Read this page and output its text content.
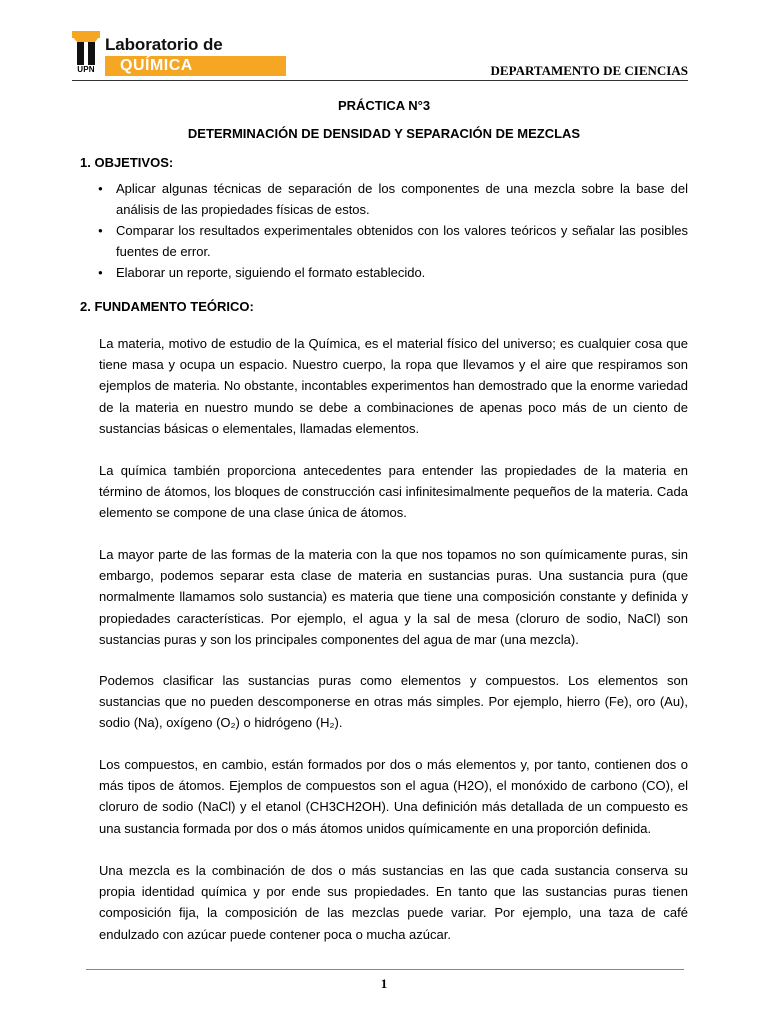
UPN
Laboratorio de
QUÍMICA	DEPARTAMENTO DE CIENCIAS
PRÁCTICA N°3
DETERMINACIÓN DE DENSIDAD Y SEPARACIÓN DE MEZCLAS
1. OBJETIVOS:
● Aplicar algunas técnicas de separación de los componentes de una mezcla sobre la base del análisis de las propiedades físicas de estos.
● Comparar los resultados experimentales obtenidos con los valores teóricos y señalar las posibles fuentes de error.
● Elaborar un reporte, siguiendo el formato establecido.
2. FUNDAMENTO TEÓRICO:

La materia, motivo de estudio de la Química, es el material físico del universo; es cualquier cosa que tiene masa y ocupa un espacio. Nuestro cuerpo, la ropa que llevamos y el aire que respiramos son ejemplos de materia. No obstante, incontables experimentos han demostrado que la enorme variedad de la materia en nuestro mundo se debe a combinaciones de apenas poco más de un ciento de sustancias básicas o elementales, llamadas elementos.

La química también proporciona antecedentes para entender las propiedades de la materia en término de átomos, los bloques de construcción casi infinitesimalmente pequeños de la materia. Cada elemento se compone de una clase única de átomos.

La mayor parte de las formas de la materia con la que nos topamos no son químicamente puras, sin embargo, podemos separar esta clase de materia en sustancias puras. Una sustancia pura (que normalmente llamamos solo sustancia) es materia que tiene una composición constante y definida y propiedades características. Por ejemplo, el agua y la sal de mesa (cloruro de sodio, NaCl) son sustancias puras y son los principales componentes del agua de mar (una mezcla).

Podemos clasificar las sustancias puras como elementos y compuestos. Los elementos son sustancias que no pueden descomponerse en otras más simples. Por ejemplo, hierro (Fe), oro (Au), sodio (Na), oxígeno (O₂) o hidrógeno (H₂).

Los compuestos, en cambio, están formados por dos o más elementos y, por tanto, contienen dos o más tipos de átomos. Ejemplos de compuestos son el agua (H2O), el monóxido de carbono (CO), el cloruro de sodio (NaCl) y el etanol (CH3CH2OH). Una definición más detallada de un compuesto es una sustancia formada por dos o más átomos unidos químicamente en una proporción definida.

Una mezcla es la combinación de dos o más sustancias en las que cada sustancia conserva su propia identidad química y por ende sus propiedades. En tanto que las sustancias puras tienen composición fija, la composición de las mezclas puede variar. Por ejemplo, una taza de café endulzado con azúcar puede contener poca o mucha azúcar.

1
